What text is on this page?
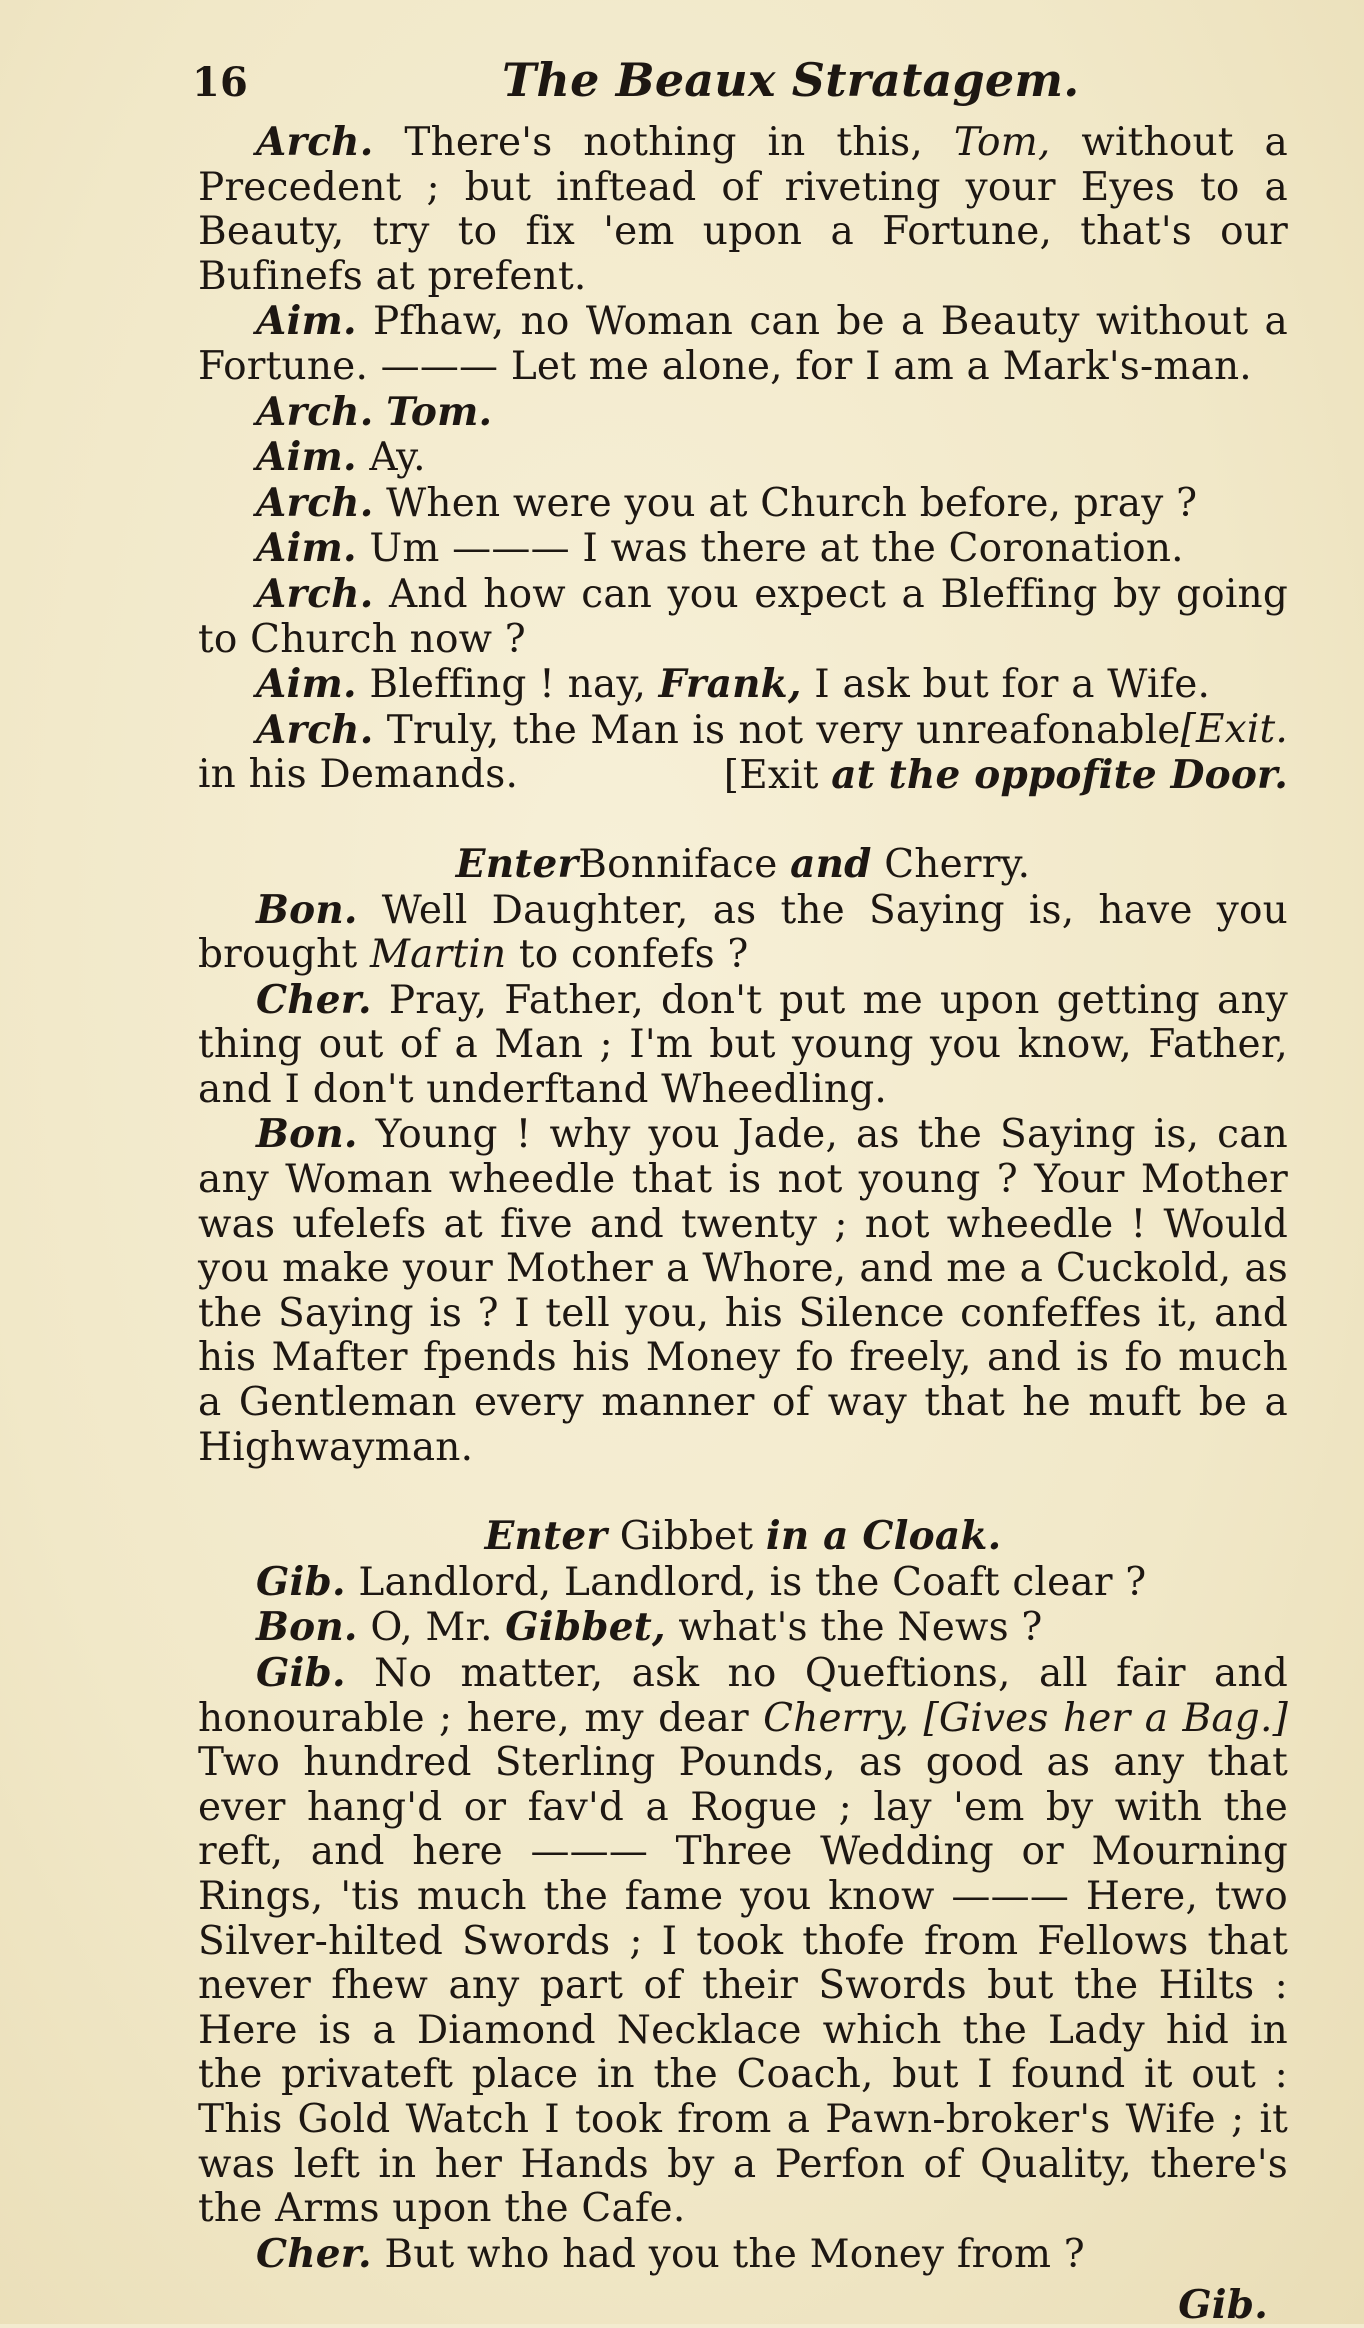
16	The Beaux Stratagem.
Arch. There's nothing in this, Tom, without a Precedent ; but inftead of riveting your Eyes to a Beauty, try to fix 'em upon a Fortune, that's our Bufinefs at prefent.
Aim. Pfhaw, no Woman can be a Beauty without a Fortune. ——— Let me alone, for I am a Mark's-man.
Arch. Tom.
Aim. Ay.
Arch. When were you at Church before, pray ?
Aim. Um ——— I was there at the Coronation.
Arch. And how can you expect a Bleffing by going to Church now ?
Aim. Bleffing ! nay, Frank, I ask but for a Wife.
[Exit.
Arch. Truly, the Man is not very unreafonable in his Demands.	[Exit at the oppofite Door.
EnterBonniface and Cherry.
Bon. Well Daughter, as the Saying is, have you brought Martin to confefs ?
Cher. Pray, Father, don't put me upon getting any thing out of a Man ; I'm but young you know, Father, and I don't underftand Wheedling.
Bon. Young ! why you Jade, as the Saying is, can any Woman wheedle that is not young ? Your Mother was ufelefs at five and twenty ; not wheedle ! Would you make your Mother a Whore, and me a Cuckold, as the Saying is ? I tell you, his Silence confeffes it, and his Mafter fpends his Money fo freely, and is fo much a Gentleman every manner of way that he muft be a Highwayman.
Enter Gibbet in a Cloak.
Gib. Landlord, Landlord, is the Coaft clear ?
Bon. O, Mr. Gibbet, what's the News ?
Gib. No matter, ask no Queftions, all fair and honourable ; here, my dear Cherry, [Gives her a Bag.] Two hundred Sterling Pounds, as good as any that ever hang'd or fav'd a Rogue ; lay 'em by with the reft, and here ——— Three Wedding or Mourning Rings, 'tis much the fame you know ——— Here, two Silver-hilted Swords ; I took thofe from Fellows that never fhew any part of their Swords but the Hilts : Here is a Diamond Necklace which the Lady hid in the privateft place in the Coach, but I found it out : This Gold Watch I took from a Pawn-broker's Wife ; it was left in her Hands by a Perfon of Quality, there's the Arms upon the Cafe.
Cher. But who had you the Money from ?
Gib.
